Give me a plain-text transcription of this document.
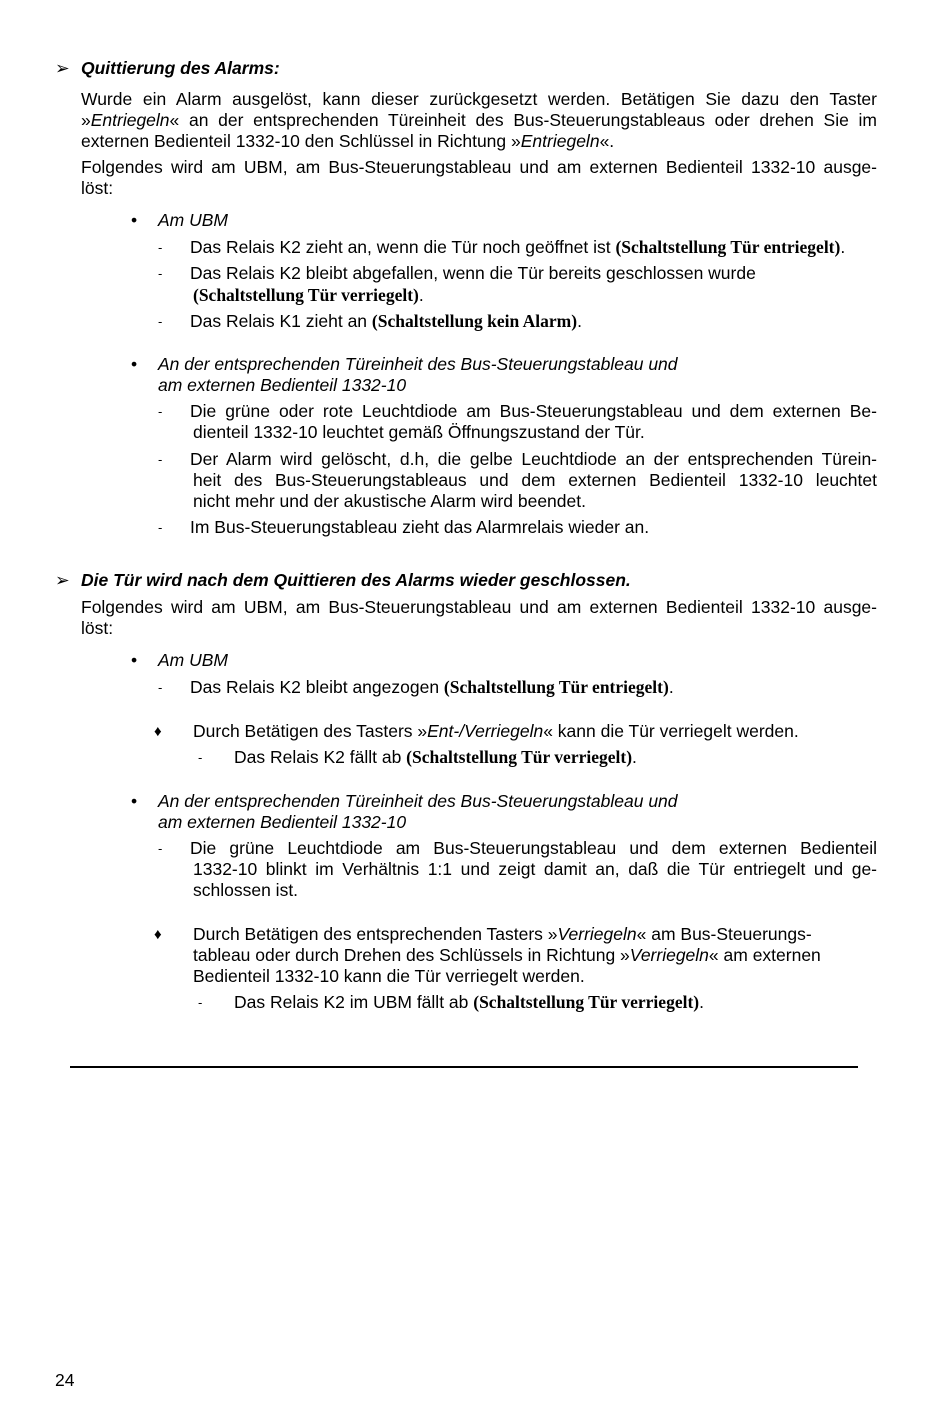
➢ Quittierung des Alarms:
Wurde ein Alarm ausgelöst, kann dieser zurückgesetzt werden. Betätigen Sie dazu den Taster
»Entriegeln« an der entsprechenden Türeinheit des Bus-Steuerungstableaus oder drehen Sie im
externen Bedienteil 1332-10 den Schlüssel in Richtung »Entriegeln«.
Folgendes wird am UBM, am Bus-Steuerungstableau und am externen Bedienteil 1332-10 ausge-
löst:
• Am UBM
- Das Relais K2 zieht an, wenn die Tür noch geöffnet ist (Schaltstellung Tür entriegelt).
- Das Relais K2 bleibt abgefallen, wenn die Tür bereits geschlossen wurde
(Schaltstellung Tür verriegelt).
- Das Relais K1 zieht an (Schaltstellung kein Alarm).
• An der entsprechenden Türeinheit des Bus-Steuerungstableau und
am externen Bedienteil 1332-10
- Die grüne oder rote Leuchtdiode am Bus-Steuerungstableau und dem externen Be-
dienteil 1332-10 leuchtet gemäß Öffnungszustand der Tür.
- Der Alarm wird gelöscht, d.h, die gelbe Leuchtdiode an der entsprechenden Türein-
heit des Bus-Steuerungstableaus und dem externen Bedienteil 1332-10 leuchtet
nicht mehr und der akustische Alarm wird beendet.
- Im Bus-Steuerungstableau zieht das Alarmrelais wieder an.
➢ Die Tür wird nach dem Quittieren des Alarms wieder geschlossen.
Folgendes wird am UBM, am Bus-Steuerungstableau und am externen Bedienteil 1332-10 ausge-
löst:
• Am UBM
- Das Relais K2 bleibt angezogen (Schaltstellung Tür entriegelt).
♦ Durch Betätigen des Tasters »Ent-/Verriegeln« kann die Tür verriegelt werden.
- Das Relais K2 fällt ab (Schaltstellung Tür verriegelt).
• An der entsprechenden Türeinheit des Bus-Steuerungstableau und
am externen Bedienteil 1332-10
- Die grüne Leuchtdiode am Bus-Steuerungstableau und dem externen Bedienteil
1332-10 blinkt im Verhältnis 1:1 und zeigt damit an, daß die Tür entriegelt und ge-
schlossen ist.
♦ Durch Betätigen des entsprechenden Tasters »Verriegeln« am Bus-Steuerungs-
tableau oder durch Drehen des Schlüssels in Richtung »Verriegeln« am externen
Bedienteil 1332-10 kann die Tür verriegelt werden.
- Das Relais K2 im UBM fällt ab (Schaltstellung Tür verriegelt).
24
